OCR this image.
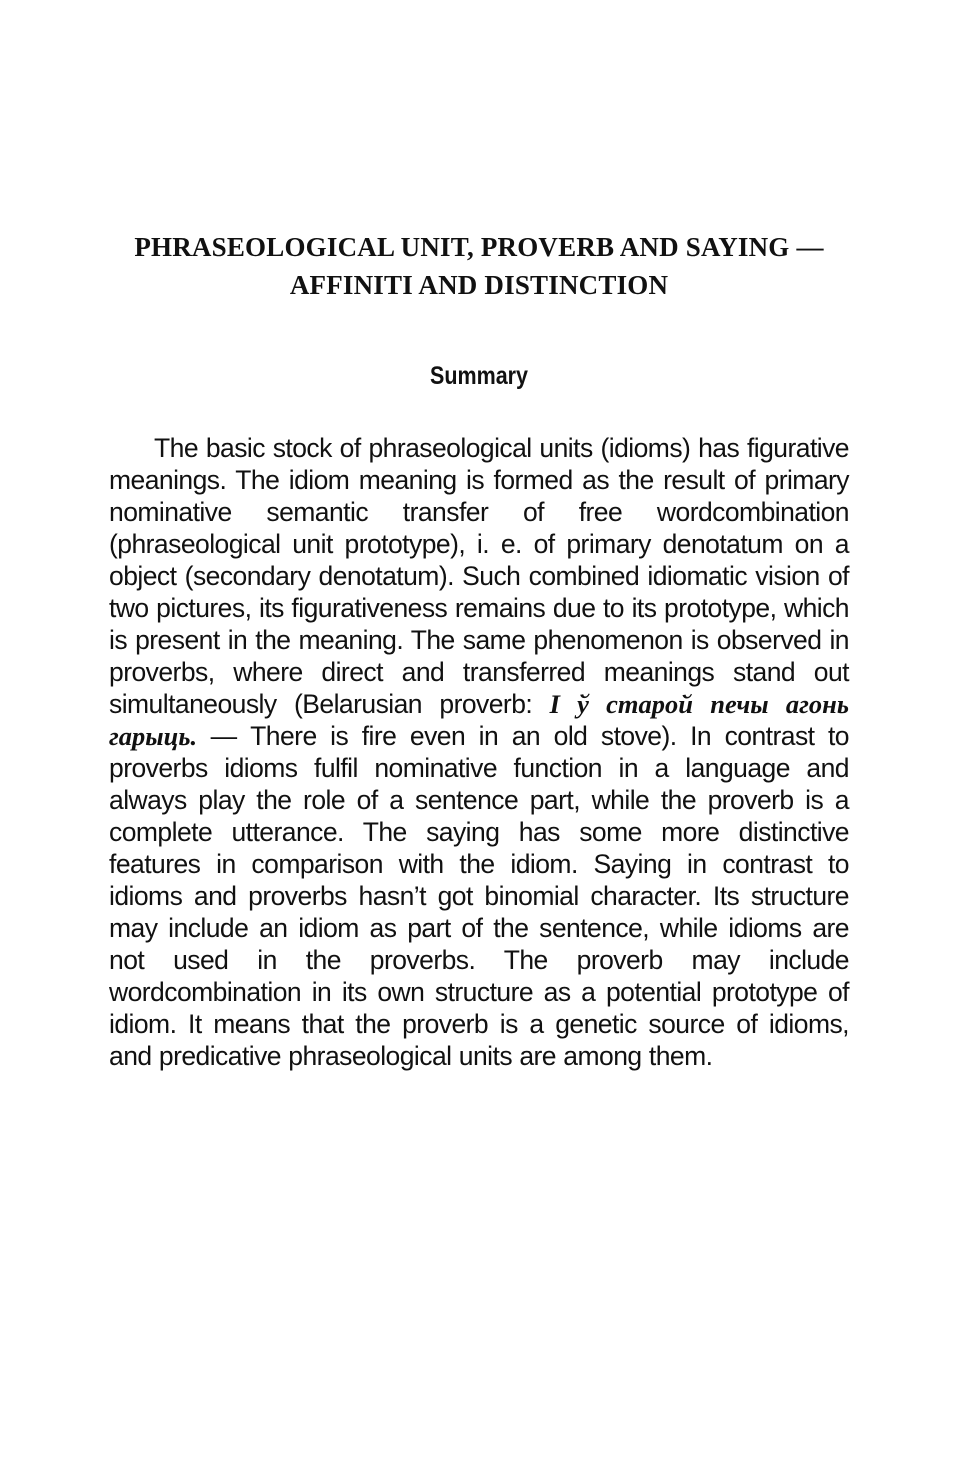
PHRASEOLOGICAL UNIT, PROVERB AND SAYING —
AFFINITI AND DISTINCTION
Summary

The basic stock of phraseological units (idioms) has figurative meanings. The idiom meaning is formed as the result of primary nominative semantic transfer of free wordcombination (phraseological unit prototype), i. e. of primary denotatum on a object (secondary denotatum). Such combined idiomatic vision of two pictures, its figurativeness remains due to its prototype, which is present in the meaning. The same phenomenon is observed in proverbs, where direct and transferred meanings stand out simultaneously (Belarusian proverb: I ў старой печы агонь гарыць. — There is fire even in an old stove). In contrast to proverbs idioms fulfil nominative function in a language and always play the role of a sentence part, while the proverb is a complete utterance. The saying has some more distinctive features in comparison with the idiom. Saying in contrast to idioms and proverbs hasn’t got binomial character. Its structure may include an idiom as part of the sentence, while idioms are not used in the proverbs. The proverb may include wordcombination in its own structure as a potential prototype of idiom. It means that the proverb is a genetic source of idioms, and predicative phraseological units are among them.
